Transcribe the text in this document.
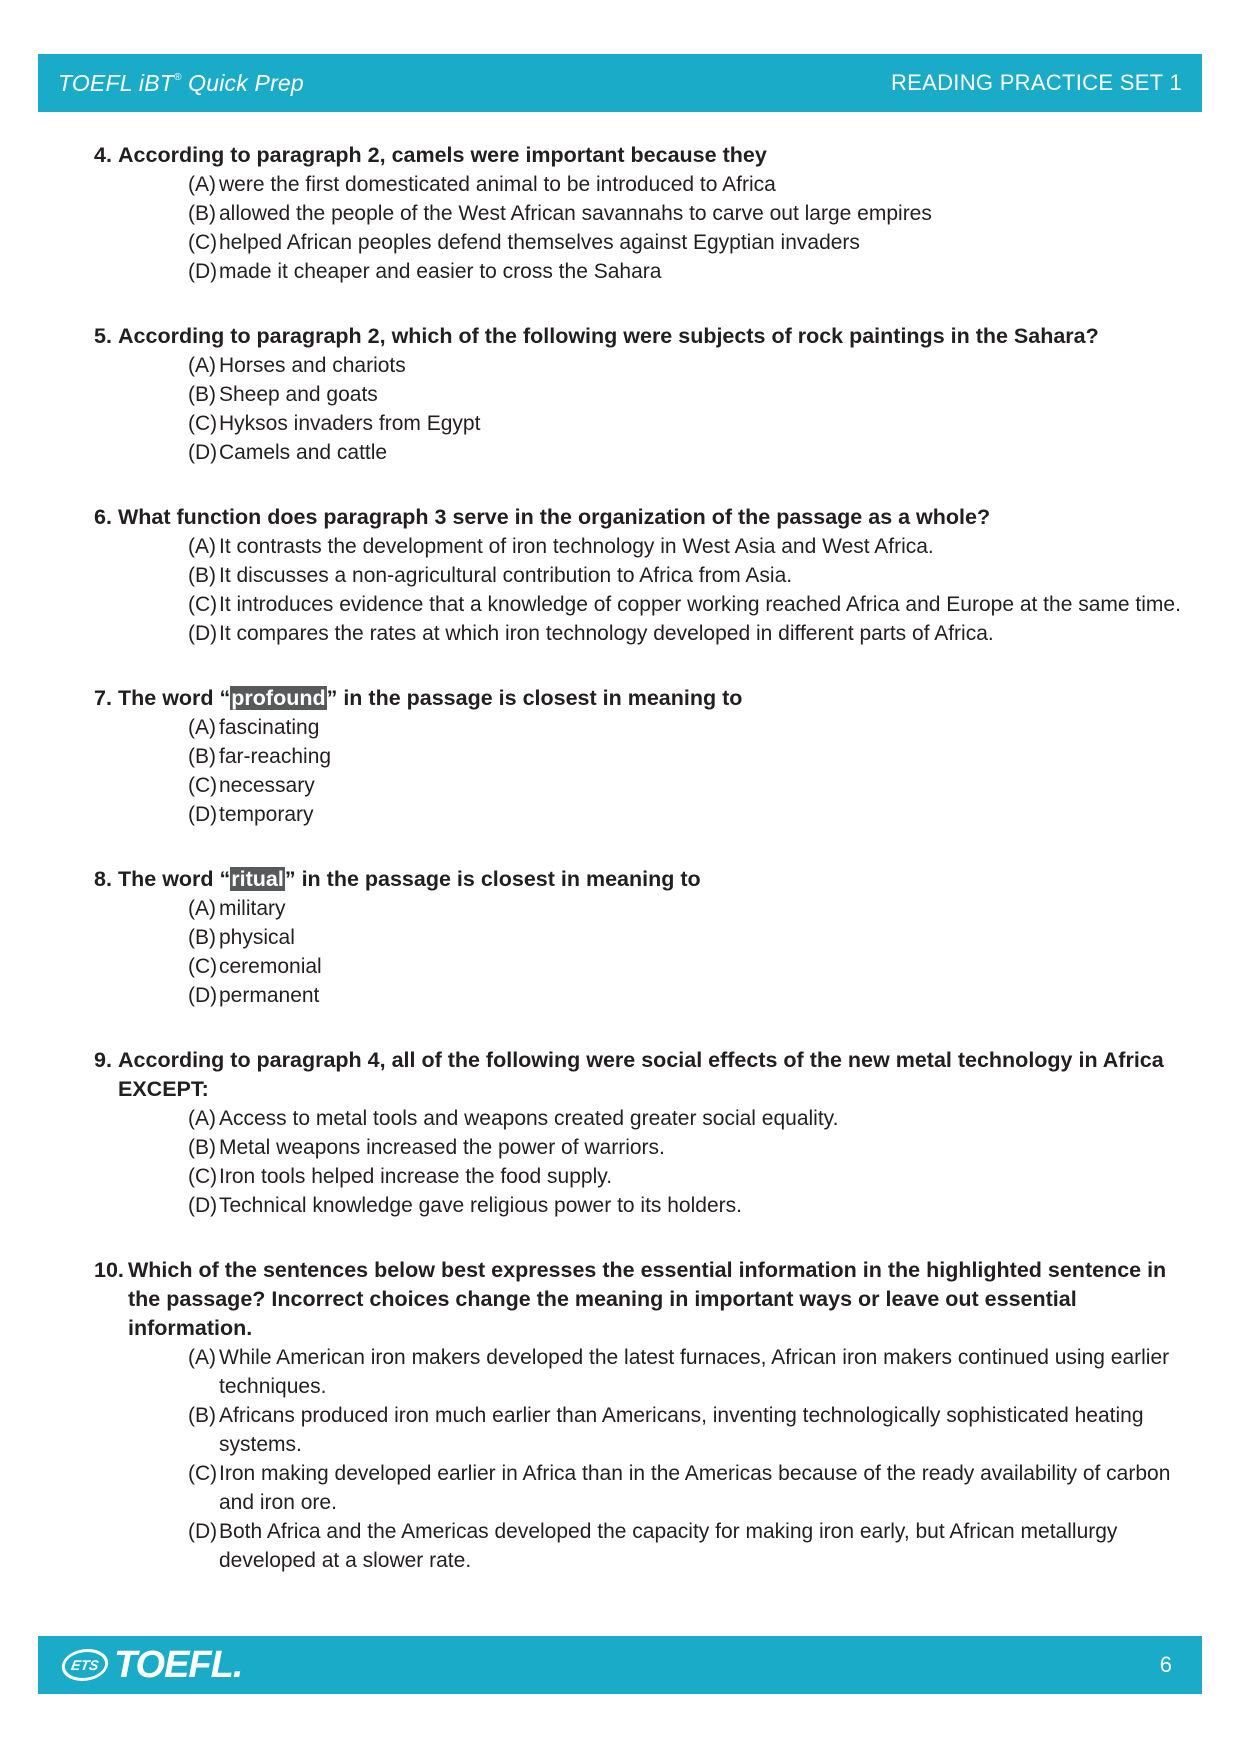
TOEFL iBT® Quick Prep	READING PRACTICE SET 1
4. According to paragraph 2, camels were important because they
(A) were the first domesticated animal to be introduced to Africa
(B) allowed the people of the West African savannahs to carve out large empires
(C) helped African peoples defend themselves against Egyptian invaders
(D) made it cheaper and easier to cross the Sahara
5. According to paragraph 2, which of the following were subjects of rock paintings in the Sahara?
(A) Horses and chariots
(B) Sheep and goats
(C) Hyksos invaders from Egypt
(D) Camels and cattle
6. What function does paragraph 3 serve in the organization of the passage as a whole?
(A) It contrasts the development of iron technology in West Asia and West Africa.
(B) It discusses a non-agricultural contribution to Africa from Asia.
(C) It introduces evidence that a knowledge of copper working reached Africa and Europe at the same time.
(D) It compares the rates at which iron technology developed in different parts of Africa.
7. The word “profound” in the passage is closest in meaning to
(A) fascinating
(B) far-reaching
(C) necessary
(D) temporary
8. The word “ritual” in the passage is closest in meaning to
(A) military
(B) physical
(C) ceremonial
(D) permanent
9. According to paragraph 4, all of the following were social effects of the new metal technology in Africa EXCEPT:
(A) Access to metal tools and weapons created greater social equality.
(B) Metal weapons increased the power of warriors.
(C) Iron tools helped increase the food supply.
(D) Technical knowledge gave religious power to its holders.
10. Which of the sentences below best expresses the essential information in the highlighted sentence in the passage? Incorrect choices change the meaning in important ways or leave out essential information.
(A) While American iron makers developed the latest furnaces, African iron makers continued using earlier techniques.
(B) Africans produced iron much earlier than Americans, inventing technologically sophisticated heating systems.
(C) Iron making developed earlier in Africa than in the Americas because of the ready availability of carbon and iron ore.
(D) Both Africa and the Americas developed the capacity for making iron early, but African metallurgy developed at a slower rate.
ETS TOEFL.	6
